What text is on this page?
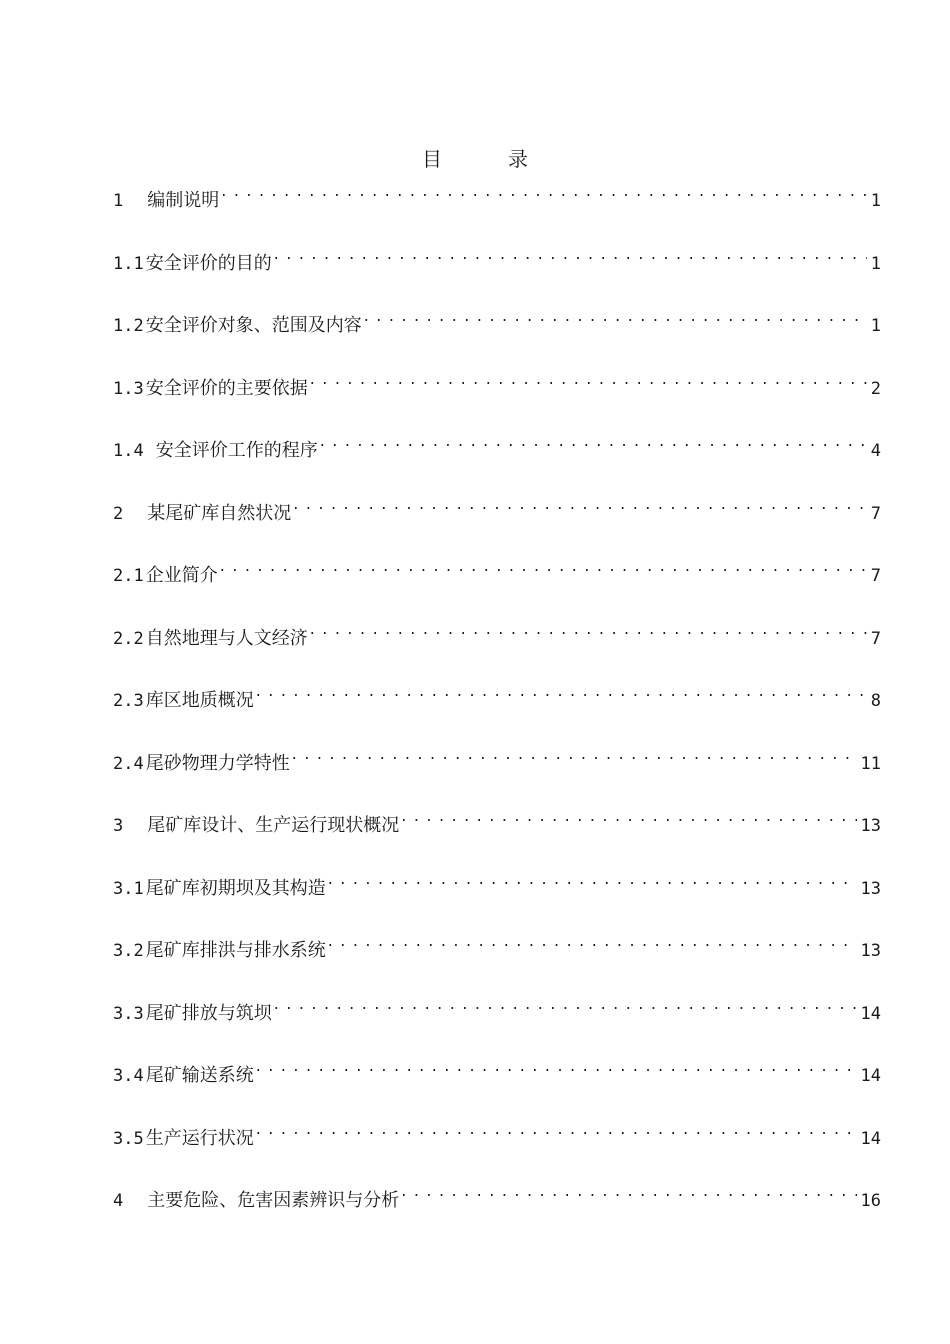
目	录
1 编制说明 . . .	1
1.1 安全评价的目的 . . .	1
1.2 安全评价对象、范围及内容 . . .	1
1.3 安全评价的主要依据 . . .	2
1.4 安全评价工作的程序 . . .	4
2 某尾矿库自然状况 . . .	7
2.1 企业简介 . . .	7
2.2 自然地理与人文经济 . . .	7
2.3 库区地质概况 . . .	8
2.4 尾砂物理力学特性 . . .	11
3 尾矿库设计、生产运行现状概况 . . .	13
3.1 尾矿库初期坝及其构造 . . .	13
3.2 尾矿库排洪与排水系统 . . .	13
3.3 尾矿排放与筑坝 . . .	14
3.4 尾矿输送系统 . . .	14
3.5 生产运行状况 . . .	14
4 主要危险、危害因素辨识与分析 . . .	16
